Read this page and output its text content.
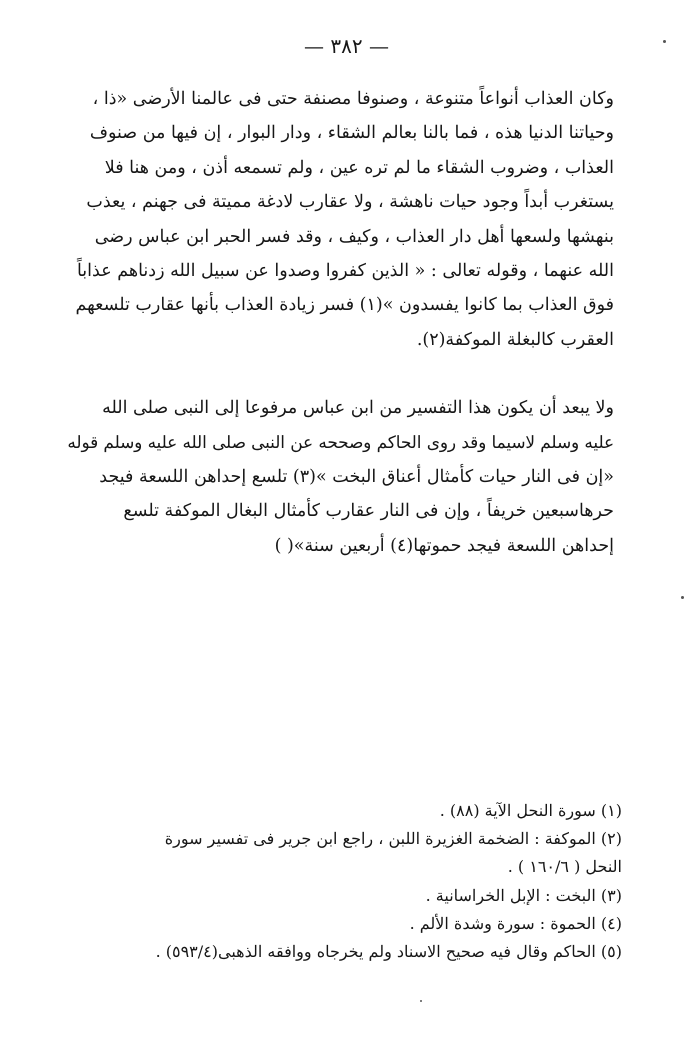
— ٣٨٢ —
وكان العذاب أنواعاً متنوعة ، وصنوفا مصنفة حتى فى عالمنا الأرضى «ذا ،
وحياتنا الدنيا هذه ، فما بالنا بعالم الشقاء ، ودار البوار ، إن فيها من صنوف
العذاب ، وضروب الشقاء ما لم تره عين ، ولم تسمعه أذن ، ومن هنا فلا
يستغرب أبداً وجود حيات ناهشة ، ولا عقارب لادغة مميتة فى جهنم ، يعذب
بنهشها ولسعها أهل دار العذاب ، وكيف ، وقد فسر الحبر ابن عباس رضى
الله عنهما ، وقوله تعالى : « الذين كفروا وصدوا عن سبيل الله زدناهم عذاباً
فوق العذاب بما كانوا يفسدون »(١) فسر زيادة العذاب بأنها عقارب تلسعهم
العقرب كالبغلة الموكفة(٢).
ولا يبعد أن يكون هذا التفسير من ابن عباس مرفوعا إلى النبى صلى الله
عليه وسلم لاسيما وقد روى الحاكم وصححه عن النبى صلى الله عليه وسلم قوله
«إن فى النار حيات كأمثال أعناق البخت »(٣) تلسع إحداهن اللسعة فيجد
حرهاسبعين خريفاً ، وإن فى النار عقارب كأمثال البغال الموكفة تلسع
إحداهن اللسعة فيجد حموتها(٤) أربعين سنة»( )
(١) سورة النحل الآية (٨٨) .
(٢) الموكفة : الضخمة الغزيرة اللبن ، راجع ابن جرير فى تفسير سورة
النحل ( ١٦٠/٦ ) .
(٣) البخت : الإبل الخراسانية .
(٤) الحموة : سورة وشدة الألم .
(٥) الحاكم وقال فيه صحيح الاسناد ولم يخرجاه ووافقه الذهبى(٥٩٣/٤) .
